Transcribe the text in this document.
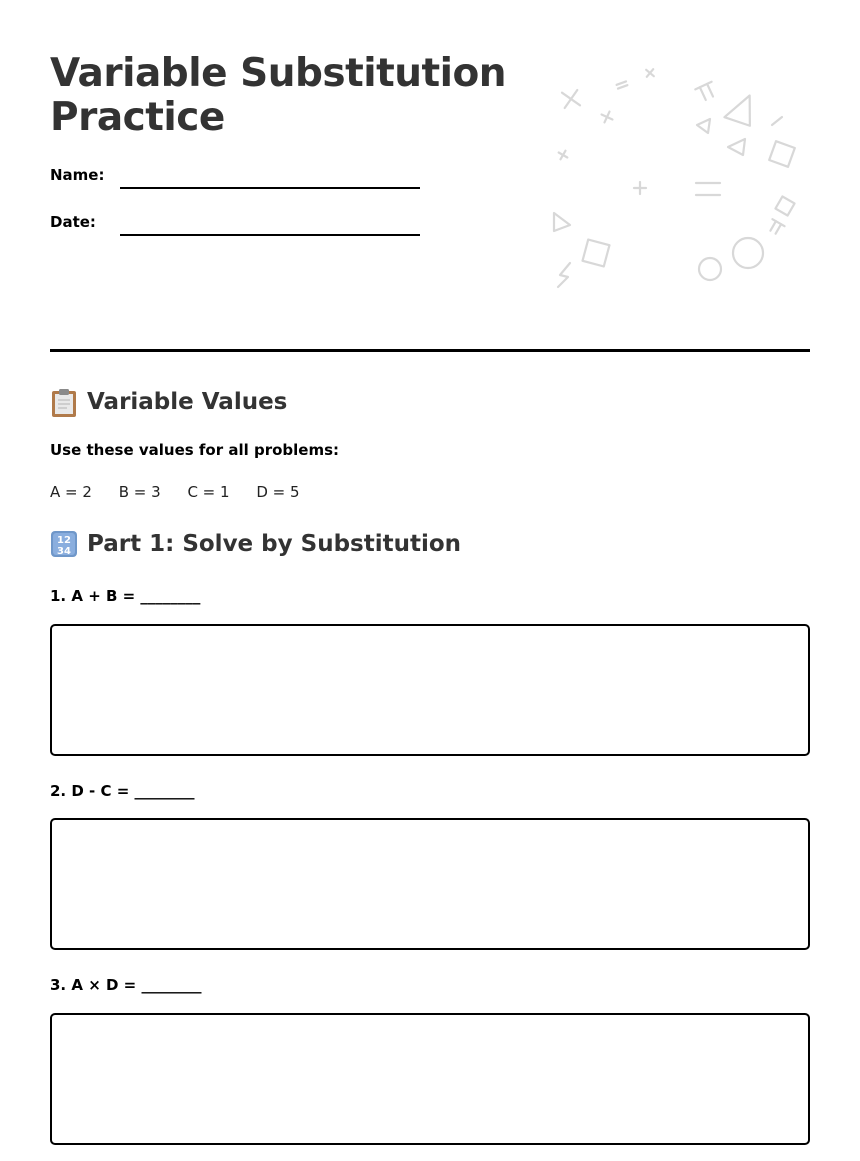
Variable Substitution
Practice
Name:
Date:
Variable Values
Use these values for all problems:
A = 2 B = 3 C = 1 D = 5
12
34 Part 1: Solve by Substitution
1. A + B = ________
2. D - C = ________
3. A × D = ________
